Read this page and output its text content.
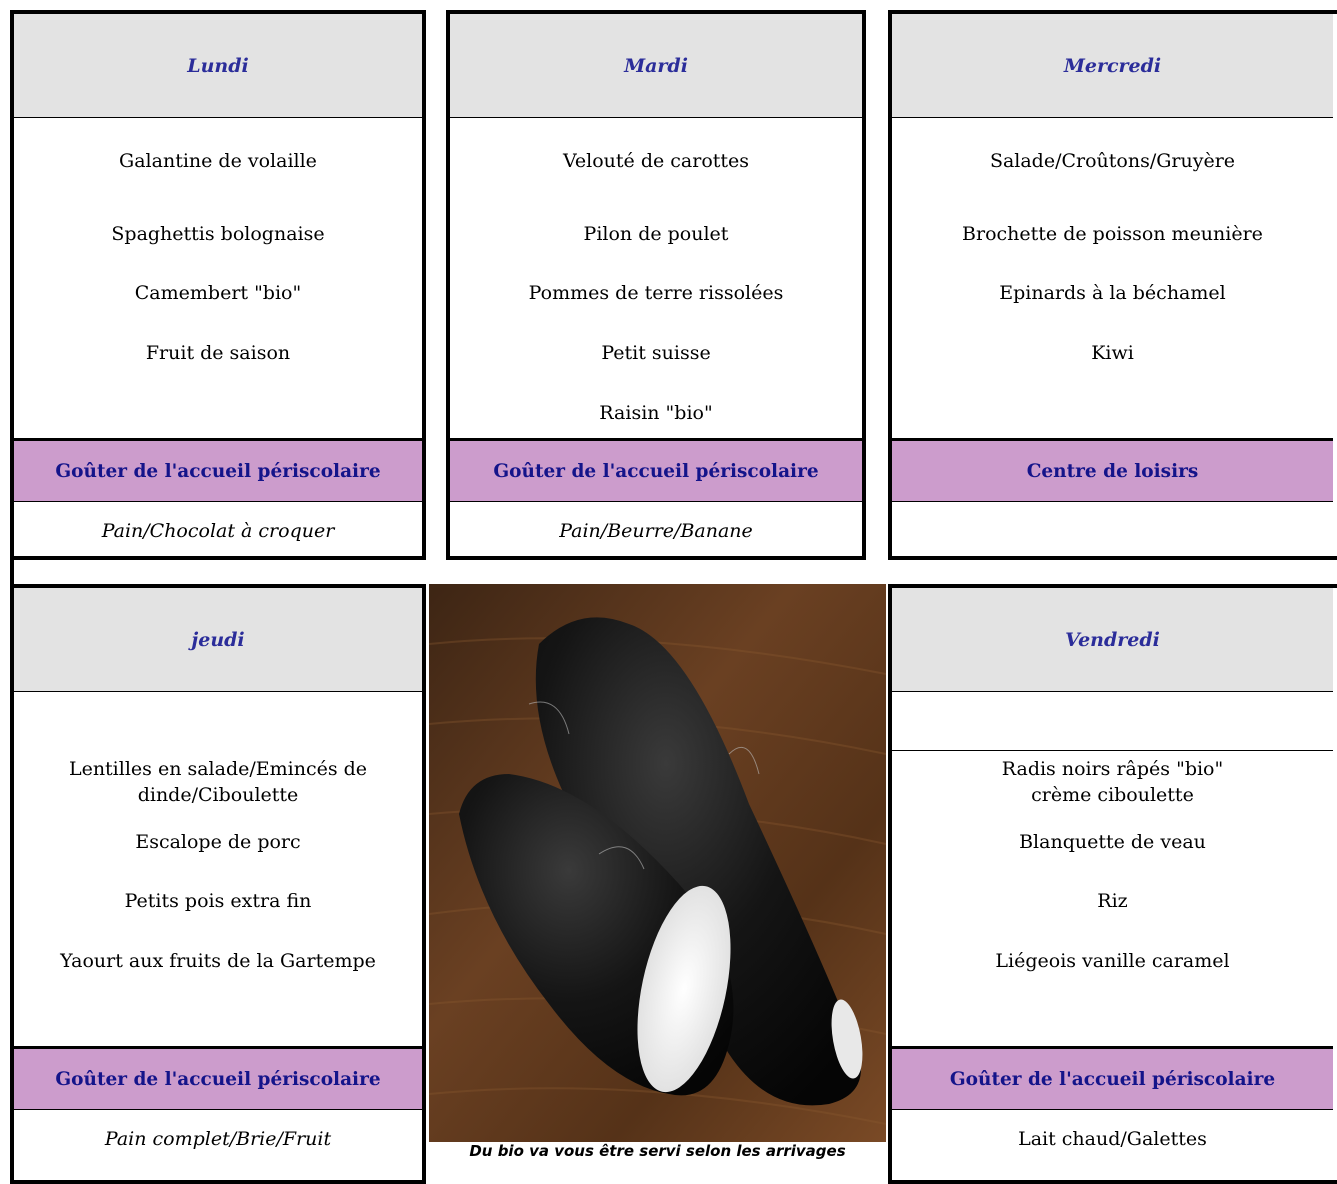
Lundi
Galantine de volaille
Spaghettis bolognaise
Camembert "bio"
Fruit de saison
Goûter de l'accueil périscolaire
Pain/Chocolat à croquer
Mardi
Velouté de carottes
Pilon de poulet
Pommes de terre rissolées
Petit suisse
Raisin "bio"
Goûter de l'accueil périscolaire
Pain/Beurre/Banane
Mercredi
Salade/Croûtons/Gruyère
Brochette de poisson meunière
Epinards à la béchamel
Kiwi
Centre de loisirs
jeudi
Lentilles en salade/Emincés de
dinde/Ciboulette
Escalope de porc
Petits pois extra fin
Yaourt aux fruits de la Gartempe
Goûter de l'accueil périscolaire
Pain complet/Brie/Fruit
Du bio va vous être servi selon les arrivages
Vendredi
Radis noirs râpés "bio"
crème ciboulette
Blanquette de veau
Riz
Liégeois vanille caramel
Goûter de l'accueil périscolaire
Lait chaud/Galettes
